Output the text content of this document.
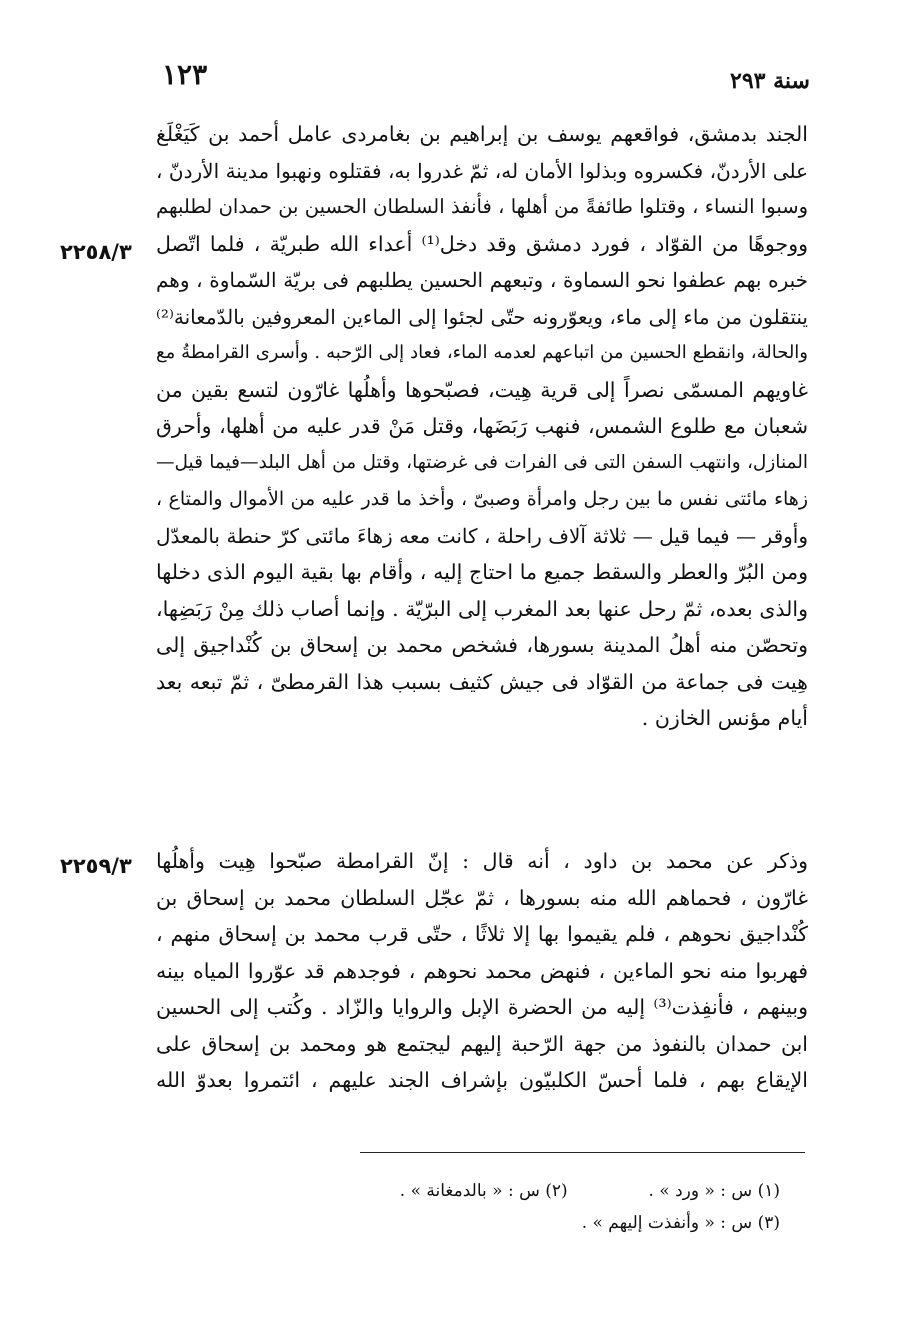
١٢٣	سنة ٢٩٣
٢٢٥٨/٣
٢٢٥٩/٣
الجند بدمشق، فواقعهم يوسف بن إبراهيم بن بغامردى عامل أحمد بن كَيَغْلَغ
على الأردنّ، فكسروه وبذلوا الأمان له، ثمّ غدروا به، فقتلوه ونهبوا مدينة الأردنّ ،
وسبوا النساء ، وقتلوا طائفةً من أهلها ، فأنفذ السلطان الحسين بن حمدان لطلبهم
ووجوهًا من القوّاد ، فورد دمشق وقد دخل⁽¹⁾ أعداء الله طبريّة ، فلما اتّصل
خبره بهم عطفوا نحو السماوة ، وتبعهم الحسين يطلبهم فى بريّة السّماوة ، وهم
ينتقلون من ماء إلى ماء، ويعوّرونه حتّى لجئوا إلى الماءين المعروفين بالدّمعانة⁽²⁾
والحالة، وانقطع الحسين من اتباعهم لعدمه الماء، فعاد إلى الرّحبه . وأسرى القرامطةُ مع
غاويهم المسمّى نصراً إلى قرية هِيت، فصبّحوها وأهلُها غارّون لتسع بقين من
شعبان مع طلوع الشمس، فنهب رَبَضَها، وقتل مَنْ قدر عليه من أهلها، وأحرق
المنازل، وانتهب السفن التى فى الفرات فى غرضتها، وقتل من أهل البلد—فيما قيل—
زهاء مائتى نفس ما بين رجل وامرأة وصبىّ ، وأخذ ما قدر عليه من الأموال والمتاع ،
وأوقر — فيما قيل — ثلاثة آلاف راحلة ، كانت معه زهاءَ مائتى كرّ حنطة بالمعدّل
ومن البُرّ والعطر والسقط جميع ما احتاج إليه ، وأقام بها بقية اليوم الذى دخلها
والذى بعده، ثمّ رحل عنها بعد المغرب إلى البرّيّة . وإنما أصاب ذلك مِنْ رَبَضِها،
وتحصّن منه أهلُ المدينة بسورها، فشخص محمد بن إسحاق بن كُنْداجيق إلى
هِيت فى جماعة من القوّاد فى جيش كثيف بسبب هذا القرمطىّ ، ثمّ تبعه بعد
أيام مؤنس الخازن .
وذكر عن محمد بن داود ، أنه قال : إنّ القرامطة صبّحوا هِيت وأهلُها
غارّون ، فحماهم الله منه بسورها ، ثمّ عجّل السلطان محمد بن إسحاق بن
كُنْداجيق نحوهم ، فلم يقيموا بها إلا ثلاثًا ، حتّى قرب محمد بن إسحاق منهم ،
فهربوا منه نحو الماءين ، فنهض محمد نحوهم ، فوجدهم قد عوّروا المياه بينه
وبينهم ، فأنفِذت⁽³⁾ إليه من الحضرة الإبل والروايا والزّاد . وكُتب إلى الحسين
ابن حمدان بالنفوذ من جهة الرّحبة إليهم ليجتمع هو ومحمد بن إسحاق على
الإيقاع بهم ، فلما أحسّ الكلبيّون بإشراف الجند عليهم ، ائتمروا بعدوّ الله
(١) س : « ورد » .  (٢) س : « بالدمغانة » .
(٣) س : « وأنفذت إليهم » .
